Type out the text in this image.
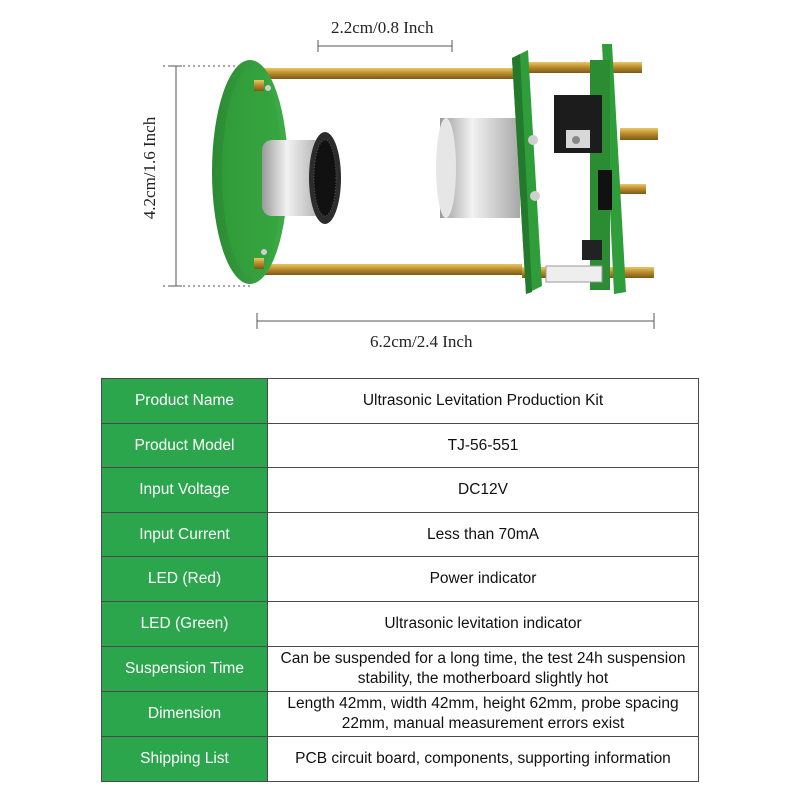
2.2cm/0.8 Inch
4.2cm/1.6 Inch
6.2cm/2.4 Inch
Product Name	Ultrasonic Levitation Production Kit
Product Model	TJ-56-551
Input Voltage	DC12V
Input Current	Less than 70mA
LED (Red)	Power indicator
LED (Green)	Ultrasonic levitation indicator
Suspension Time	Can be suspended for a long time, the test 24h suspension stability, the motherboard slightly hot
Dimension	Length 42mm, width 42mm, height 62mm, probe spacing 22mm, manual measurement errors exist
Shipping List	PCB circuit board, components, supporting information
